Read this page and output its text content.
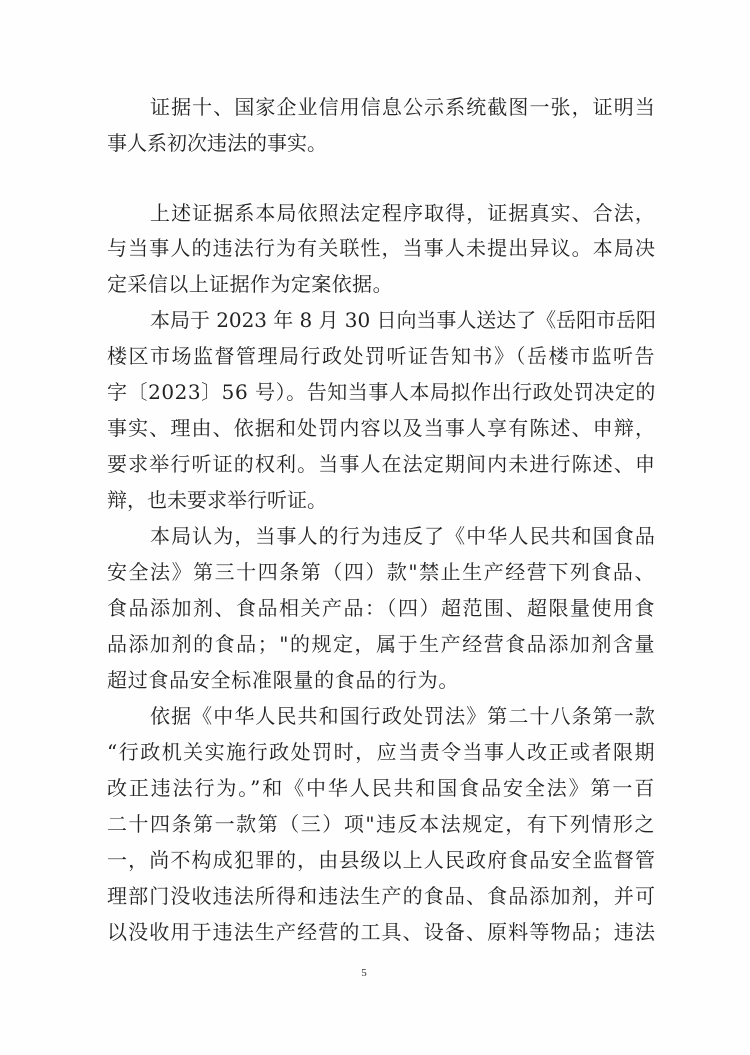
证据十、国家企业信用信息公示系统截图一张，证明当
事人系初次违法的事实。
上述证据系本局依照法定程序取得，证据真实、合法，
与当事人的违法行为有关联性，当事人未提出异议。本局决
定采信以上证据作为定案依据。
本局于 2023 年 8 月 30 日向当事人送达了《岳阳市岳阳
楼区市场监督管理局行政处罚听证告知书》（岳楼市监听告
字〔2023〕56 号）。告知当事人本局拟作出行政处罚决定的
事实、理由、依据和处罚内容以及当事人享有陈述、申辩，
要求举行听证的权利。当事人在法定期间内未进行陈述、申
辩，也未要求举行听证。
本局认为，当事人的行为违反了《中华人民共和国食品
安全法》第三十四条第（四）款"禁止生产经营下列食品、
食品添加剂、食品相关产品：（四）超范围、超限量使用食
品添加剂的食品；"的规定，属于生产经营食品添加剂含量
超过食品安全标准限量的食品的行为。
依据《中华人民共和国行政处罚法》第二十八条第一款
“行政机关实施行政处罚时，应当责令当事人改正或者限期
改正违法行为。”和《中华人民共和国食品安全法》第一百
二十四条第一款第（三）项"违反本法规定，有下列情形之
一，尚不构成犯罪的，由县级以上人民政府食品安全监督管
理部门没收违法所得和违法生产的食品、食品添加剂，并可
以没收用于违法生产经营的工具、设备、原料等物品；违法
5
